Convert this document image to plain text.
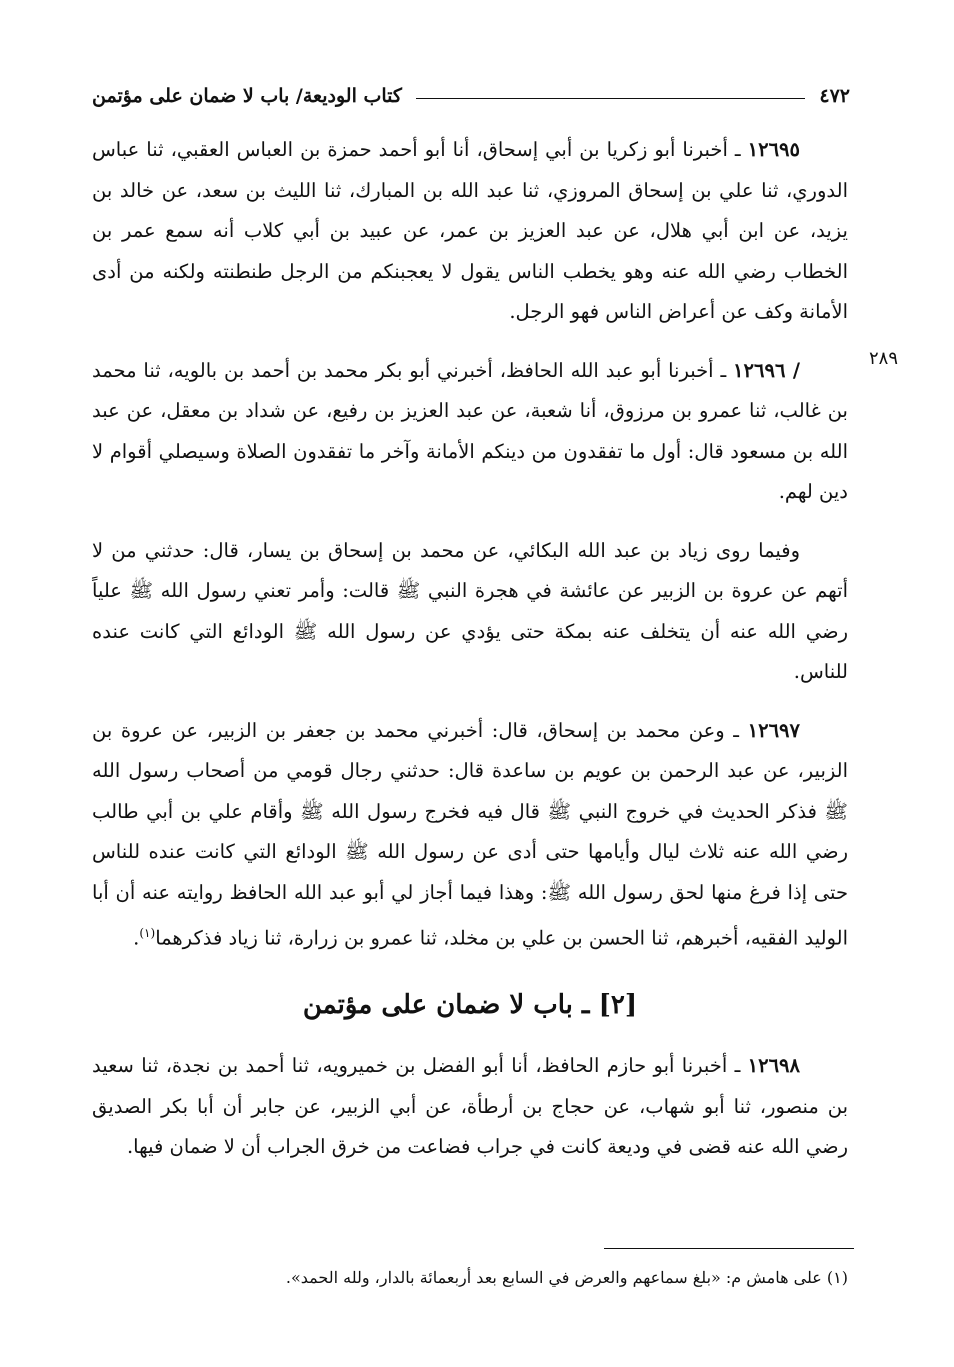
٤٧٢
كتاب الوديعة/ باب لا ضمان على مؤتمن
٢٨٩

١٢٦٩٥ ـ أخبرنا أبو زكريا بن أبي إسحاق، أنا أبو أحمد حمزة بن العباس العقبي، ثنا عباس الدوري، ثنا علي بن إسحاق المروزي، ثنا عبد الله بن المبارك، ثنا الليث بن سعد، عن خالد بن يزيد، عن ابن أبي هلال، عن عبد العزيز بن عمر، عن عبيد بن أبي كلاب أنه سمع عمر بن الخطاب رضي الله عنه وهو يخطب الناس يقول لا يعجبنكم من الرجل طنطنته ولكنه من أدى الأمانة وكف عن أعراض الناس فهو الرجل.

/ ١٢٦٩٦ ـ أخبرنا أبو عبد الله الحافظ، أخبرني أبو بكر محمد بن أحمد بن بالويه، ثنا محمد بن غالب، ثنا عمرو بن مرزوق، أنا شعبة، عن عبد العزيز بن رفيع، عن شداد بن معقل، عن عبد الله بن مسعود قال: أول ما تفقدون من دينكم الأمانة وآخر ما تفقدون الصلاة وسيصلي أقوام لا دين لهم.

وفيما روى زياد بن عبد الله البكائي، عن محمد بن إسحاق بن يسار، قال: حدثني من لا أتهم عن عروة بن الزبير عن عائشة في هجرة النبي ﷺ قالت: وأمر تعني رسول الله ﷺ علياً رضي الله عنه أن يتخلف عنه بمكة حتى يؤدي عن رسول الله ﷺ الودائع التي كانت عنده للناس.

١٢٦٩٧ ـ وعن محمد بن إسحاق، قال: أخبرني محمد بن جعفر بن الزبير، عن عروة بن الزبير، عن عبد الرحمن بن عويم بن ساعدة قال: حدثني رجال قومي من أصحاب رسول الله ﷺ فذكر الحديث في خروج النبي ﷺ قال فيه فخرج رسول الله ﷺ وأقام علي بن أبي طالب رضي الله عنه ثلاث ليال وأيامها حتى أدى عن رسول الله ﷺ الودائع التي كانت عنده للناس حتى إذا فرغ منها لحق رسول الله ﷺ: وهذا فيما أجاز لي أبو عبد الله الحافظ روايته عنه أن أبا الوليد الفقيه، أخبرهم، ثنا الحسن بن علي بن مخلد، ثنا عمرو بن زرارة، ثنا زياد فذكرهما$^{(١)}$.

[٢] ـ باب لا ضمان على مؤتمن

١٢٦٩٨ ـ أخبرنا أبو حازم الحافظ، أنا أبو الفضل بن خميرويه، ثنا أحمد بن نجدة، ثنا سعيد بن منصور، ثنا أبو شهاب، عن حجاج بن أرطأة، عن أبي الزبير، عن جابر أن أبا بكر الصديق رضي الله عنه قضى في وديعة كانت في جراب فضاعت من خرق الجراب أن لا ضمان فيها.

(١) على هامش م: «بلغ سماعهم والعرض في السابع بعد أربعمائة بالدار، ولله الحمد».
